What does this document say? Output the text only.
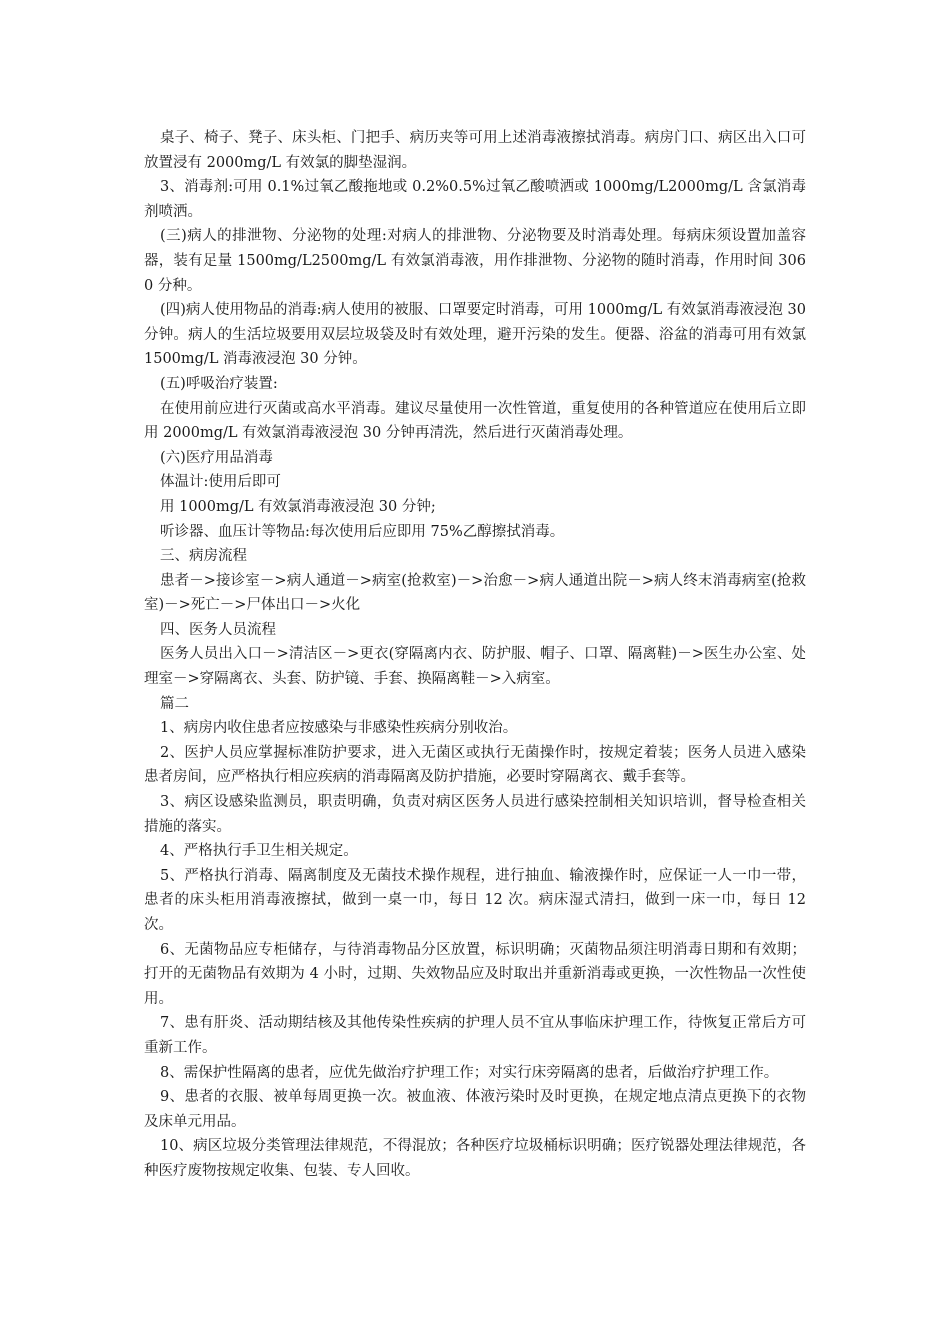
桌子、椅子、凳子、床头柜、门把手、病历夹等可用上述消毒液擦拭消毒。病房门口、病区出入口可放置浸有 2000mg/L 有效氯的脚垫湿润。

3、消毒剂:可用 0.1%过氧乙酸拖地或 0.2%0.5%过氧乙酸喷洒或 1000mg/L2000mg/L 含氯消毒剂喷洒。

(三)病人的排泄物、分泌物的处理:对病人的排泄物、分泌物要及时消毒处理。每病床须设置加盖容器，装有足量 1500mg/L2500mg/L 有效氯消毒液，用作排泄物、分泌物的随时消毒，作用时间 3060 分种。

(四)病人使用物品的消毒:病人使用的被服、口罩要定时消毒，可用 1000mg/L 有效氯消毒液浸泡 30 分钟。病人的生活垃圾要用双层垃圾袋及时有效处理，避开污染的发生。便器、浴盆的消毒可用有效氯 1500mg/L 消毒液浸泡 30 分钟。

(五)呼吸治疗装置:

在使用前应进行灭菌或高水平消毒。建议尽量使用一次性管道，重复使用的各种管道应在使用后立即用 2000mg/L 有效氯消毒液浸泡 30 分钟再清洗，然后进行灭菌消毒处理。

(六)医疗用品消毒

体温计:使用后即可

用 1000mg/L 有效氯消毒液浸泡 30 分钟;

听诊器、血压计等物品:每次使用后应即用 75%乙醇擦拭消毒。

三、病房流程

患者－>接诊室－>病人通道－>病室(抢救室)－>治愈－>病人通道出院－>病人终末消毒病室(抢救室)－>死亡－>尸体出口－>火化

四、医务人员流程

医务人员出入口－>清洁区－>更衣(穿隔离内衣、防护服、帽子、口罩、隔离鞋)－>医生办公室、处理室－>穿隔离衣、头套、防护镜、手套、换隔离鞋－>入病室。

篇二

1、病房内收住患者应按感染与非感染性疾病分别收治。

2、医护人员应掌握标准防护要求，进入无菌区或执行无菌操作时，按规定着装；医务人员进入感染患者房间，应严格执行相应疾病的消毒隔离及防护措施，必要时穿隔离衣、戴手套等。

3、病区设感染监测员，职责明确，负责对病区医务人员进行感染控制相关知识培训，督导检查相关措施的落实。

4、严格执行手卫生相关规定。

5、严格执行消毒、隔离制度及无菌技术操作规程，进行抽血、输液操作时，应保证一人一巾一带，患者的床头柜用消毒液擦拭，做到一桌一巾，每日 12 次。病床湿式清扫，做到一床一巾，每日 12 次。

6、无菌物品应专柜储存，与待消毒物品分区放置，标识明确；灭菌物品须注明消毒日期和有效期；打开的无菌物品有效期为 4 小时，过期、失效物品应及时取出并重新消毒或更换，一次性物品一次性使用。

7、患有肝炎、活动期结核及其他传染性疾病的护理人员不宜从事临床护理工作，待恢复正常后方可重新工作。

8、需保护性隔离的患者，应优先做治疗护理工作；对实行床旁隔离的患者，后做治疗护理工作。

9、患者的衣服、被单每周更换一次。被血液、体液污染时及时更换，在规定地点清点更换下的衣物及床单元用品。

10、病区垃圾分类管理法律规范，不得混放；各种医疗垃圾桶标识明确；医疗锐器处理法律规范，各种医疗废物按规定收集、包装、专人回收。
